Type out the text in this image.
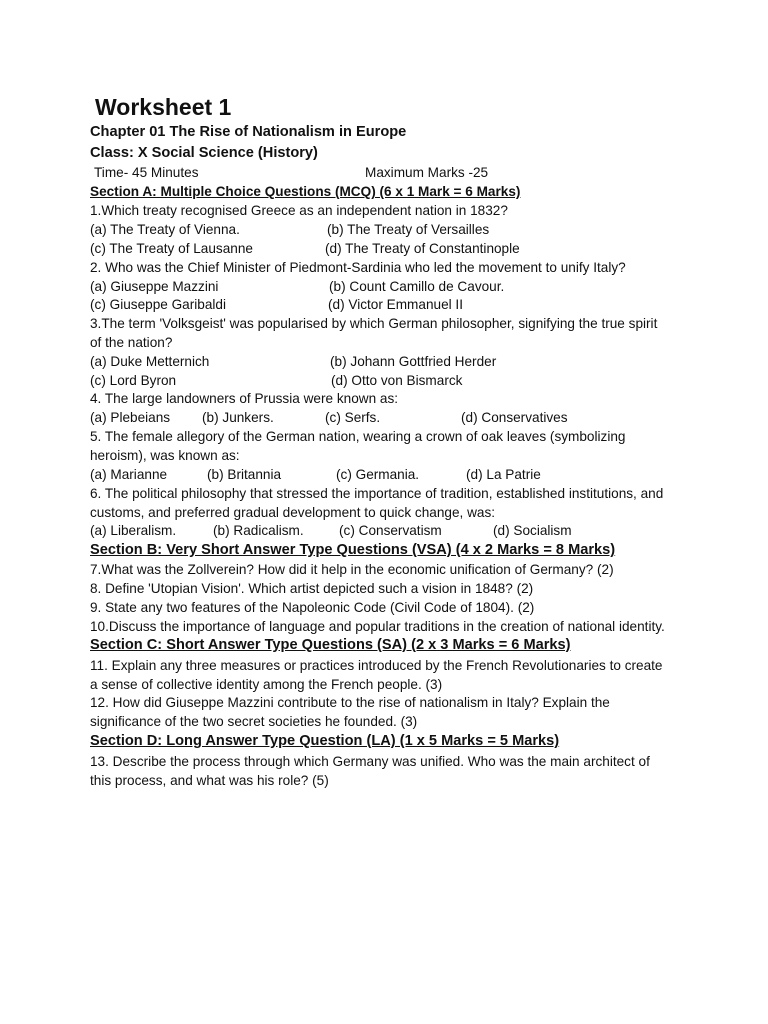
Worksheet 1
Chapter 01 The Rise of Nationalism in Europe
Class: X Social Science (History)
Time- 45 Minutes	Maximum Marks -25
Section A: Multiple Choice Questions (MCQ) (6 x 1 Mark = 6 Marks)
1.Which treaty recognised Greece as an independent nation in 1832?
(a) The Treaty of Vienna.	(b) The Treaty of Versailles
(c) The Treaty of Lausanne	(d) The Treaty of Constantinople
2. Who was the Chief Minister of Piedmont-Sardinia who led the movement to unify Italy?
(a) Giuseppe Mazzini	(b) Count Camillo de Cavour.
(c) Giuseppe Garibaldi	(d) Victor Emmanuel II
3.The term 'Volksgeist' was popularised by which German philosopher, signifying the true spirit
of the nation?
(a) Duke Metternich	(b) Johann Gottfried Herder
(c) Lord Byron	(d) Otto von Bismarck
4. The large landowners of Prussia were known as:
(a) Plebeians (b) Junkers.	(c) Serfs.	(d) Conservatives
5. The female allegory of the German nation, wearing a crown of oak leaves (symbolizing
heroism), was known as:
(a) Marianne	(b) Britannia	(c) Germania.	(d) La Patrie
6. The political philosophy that stressed the importance of tradition, established institutions, and
customs, and preferred gradual development to quick change, was:
(a) Liberalism.	(b) Radicalism.	(c) Conservatism	(d) Socialism
Section B: Very Short Answer Type Questions (VSA) (4 x 2 Marks = 8 Marks)
7.What was the Zollverein? How did it help in the economic unification of Germany? (2)
8. Define 'Utopian Vision'. Which artist depicted such a vision in 1848? (2)
9. State any two features of the Napoleonic Code (Civil Code of 1804). (2)
10.Discuss the importance of language and popular traditions in the creation of national identity.
Section C: Short Answer Type Questions (SA) (2 x 3 Marks = 6 Marks)
11. Explain any three measures or practices introduced by the French Revolutionaries to create
a sense of collective identity among the French people. (3)
12. How did Giuseppe Mazzini contribute to the rise of nationalism in Italy? Explain the
significance of the two secret societies he founded. (3)
Section D: Long Answer Type Question (LA) (1 x 5 Marks = 5 Marks)
13. Describe the process through which Germany was unified. Who was the main architect of
this process, and what was his role? (5)
